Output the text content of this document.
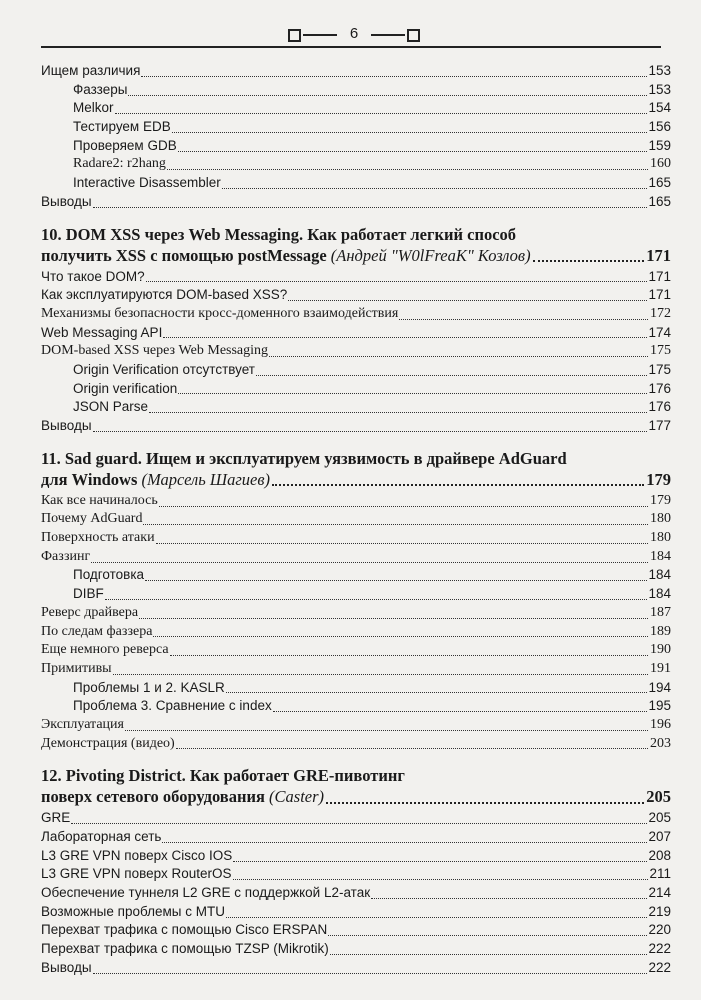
6
Ищем различия	153
Фаззеры	153
Melkor	154
Тестируем EDB	156
Проверяем GDB	159
Radare2: r2hang	160
Interactive Disassembler	165
Выводы	165
10. DOM XSS через Web Messaging. Как работает легкий способ
получить XSS с помощью postMessage (Андрей "W0lFreaK" Козлов)	171
Что такое DOM?	171
Как эксплуатируются DOM-based XSS?	171
Механизмы безопасности кросс-доменного взаимодействия	172
Web Messaging API	174
DOM-based XSS через Web Messaging	175
Origin Verification отсутствует	175
Origin verification	176
JSON Parse	176
Выводы	177
11. Sad guard. Ищем и эксплуатируем уязвимость в драйвере AdGuard
для Windows (Марсель Шагиев)	179
Как все начиналось	179
Почему AdGuard	180
Поверхность атаки	180
Фаззинг	184
Подготовка	184
DIBF	184
Реверс драйвера	187
По следам фаззера	189
Еще немного реверса	190
Примитивы	191
Проблемы 1 и 2. KASLR	194
Проблема 3. Сравнение с index	195
Эксплуатация	196
Демонстрация (видео)	203
12. Pivoting District. Как работает GRE-пивотинг
поверх сетевого оборудования (Caster)	205
GRE	205
Лабораторная сеть	207
L3 GRE VPN поверх Cisco IOS	208
L3 GRE VPN поверх RouterOS	211
Обеспечение туннеля L2 GRE с поддержкой L2-атак	214
Возможные проблемы с MTU	219
Перехват трафика с помощью Cisco ERSPAN	220
Перехват трафика с помощью TZSP (Mikrotik)	222
Выводы	222
